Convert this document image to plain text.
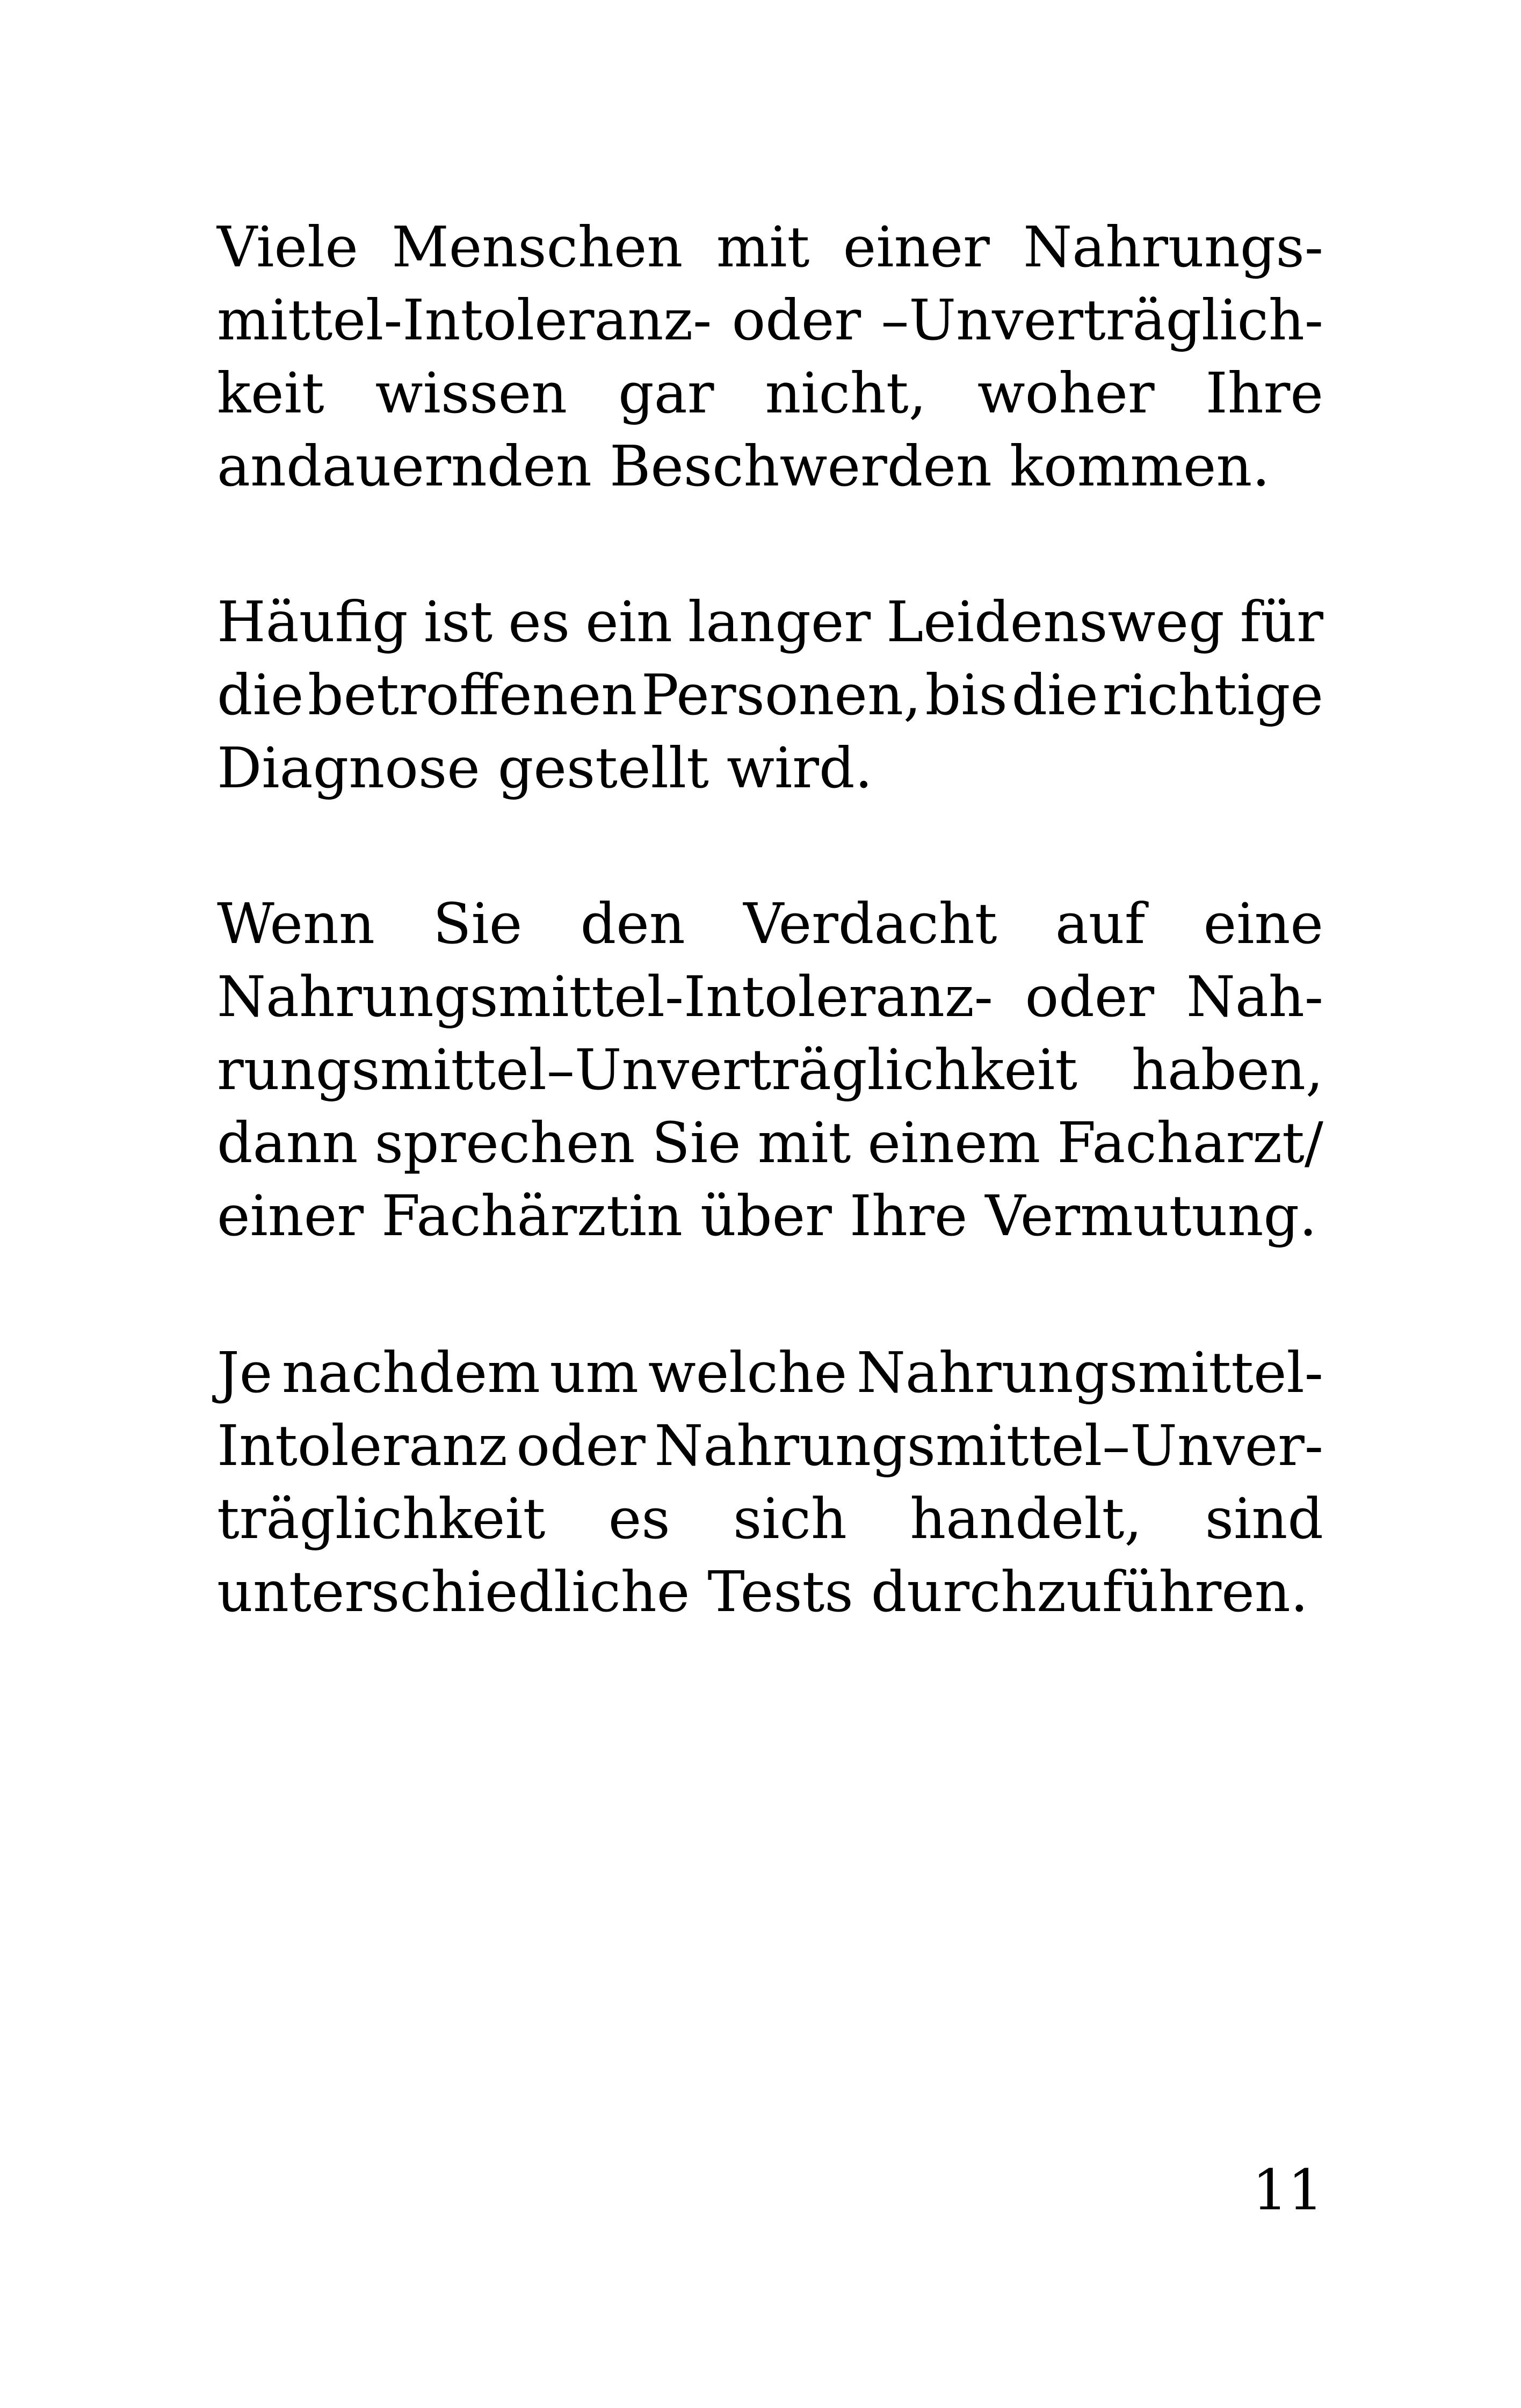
Viele Menschen mit einer Nahrungs-
mittel-Intoleranz- oder –Unverträglich-
keit wissen gar nicht, woher Ihre
andauernden Beschwerden kommen.
Häufig ist es ein langer Leidensweg für
die betroffenen Personen, bis die richtige
Diagnose gestellt wird.
Wenn Sie den Verdacht auf eine
Nahrungsmittel-Intoleranz- oder Nah-
rungsmittel–Unverträglichkeit haben,
dann sprechen Sie mit einem Facharzt/
einer Fachärztin über Ihre Vermutung.
Je nachdem um welche Nahrungsmittel-
Intoleranz oder Nahrungsmittel–Unver-
träglichkeit es sich handelt, sind
unterschiedliche Tests durchzuführen.
11
